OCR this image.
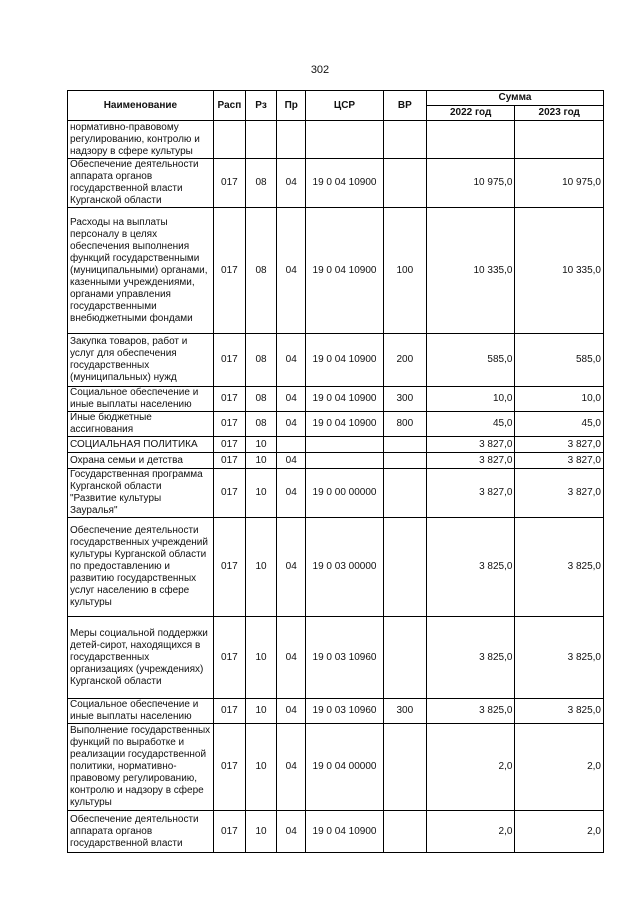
302
Наименование	Расп	Рз	Пр	ЦСР	ВР	Сумма	
						2022 год	2023 год
нормативно-правовому регулированию, контролю и надзору в сфере культуры							
Обеспечение деятельности аппарата органов государственной власти Курганской области	017	08	04	19 0 04 10900		10 975,0	10 975,0
Расходы на выплаты персоналу в целях обеспечения выполнения функций государственными (муниципальными) органами, казенными учреждениями, органами управления государственными внебюджетными фондами	017	08	04	19 0 04 10900	100	10 335,0	10 335,0
Закупка товаров, работ и услуг для обеспечения государственных (муниципальных) нужд	017	08	04	19 0 04 10900	200	585,0	585,0
Социальное обеспечение и иные выплаты населению	017	08	04	19 0 04 10900	300	10,0	10,0
Иные бюджетные ассигнования	017	08	04	19 0 04 10900	800	45,0	45,0
СОЦИАЛЬНАЯ ПОЛИТИКА	017	10				3 827,0	3 827,0
Охрана семьи и детства	017	10	04			3 827,0	3 827,0
Государственная программа Курганской области "Развитие культуры Зауралья"	017	10	04	19 0 00 00000		3 827,0	3 827,0
Обеспечение деятельности государственных учреждений культуры Курганской области по предоставлению и развитию государственных услуг населению в сфере культуры	017	10	04	19 0 03 00000		3 825,0	3 825,0
Меры социальной поддержки детей-сирот, находящихся в государственных организациях (учреждениях) Курганской области	017	10	04	19 0 03 10960		3 825,0	3 825,0
Социальное обеспечение и иные выплаты населению	017	10	04	19 0 03 10960	300	3 825,0	3 825,0
Выполнение государственных функций по выработке и реализации государственной политики, нормативно-правовому регулированию, контролю и надзору в сфере культуры	017	10	04	19 0 04 00000		2,0	2,0
Обеспечение деятельности аппарата органов государственной власти	017	10	04	19 0 04 10900		2,0	2,0
